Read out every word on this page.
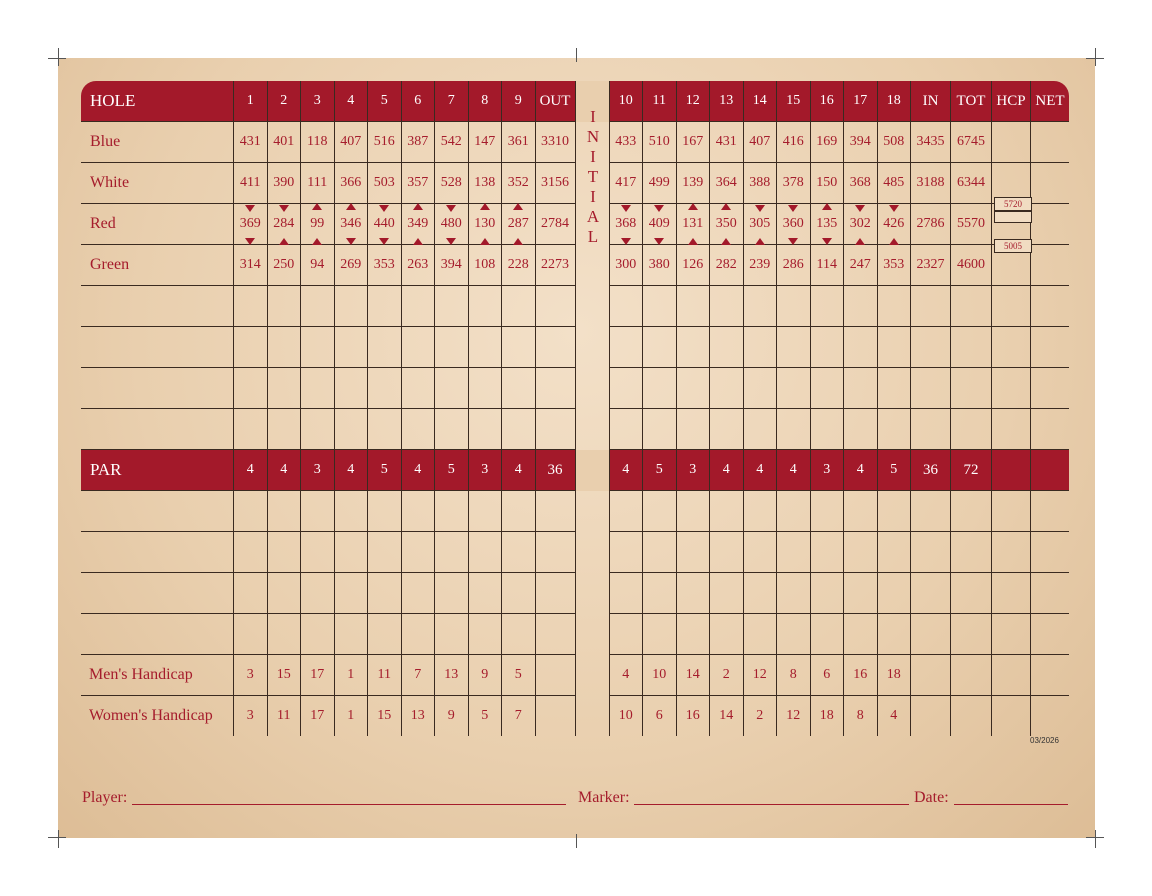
HOLE	1	2	3	4	5	6	7	8	9	OUT		10	11	12	13	14	15	16	17	18	IN	TOT	HCP	NET
Blue	431	401	118	407	516	387	542	147	361	3310		433	510	167	431	407	416	169	394	508	3435	6745		
White	411	390	111	366	503	357	528	138	352	3156		417	499	139	364	388	378	150	368	485	3188	6344		
Red	369	284	99	346	440	349	480	130	287	2784		368	409	131	350	305	360	135	302	426	2786	5570		
Green	314	250	94	269	353	263	394	108	228	2273		300	380	126	282	239	286	114	247	353	2327	4600		

PAR	4	4	3	4	5	4	5	3	4	36		4	5	3	4	4	4	3	4	5	36	72		

Men's Handicap	3	15	17	1	11	7	13	9	5			4	10	14	2	12	8	6	16	18				
Women's Handicap	3	11	17	1	15	13	9	5	7			10	6	16	14	2	12	18	8	4				
I
N
I
T
I
A
L
5720
5005
03/2026
Player:	Marker:	Date:
